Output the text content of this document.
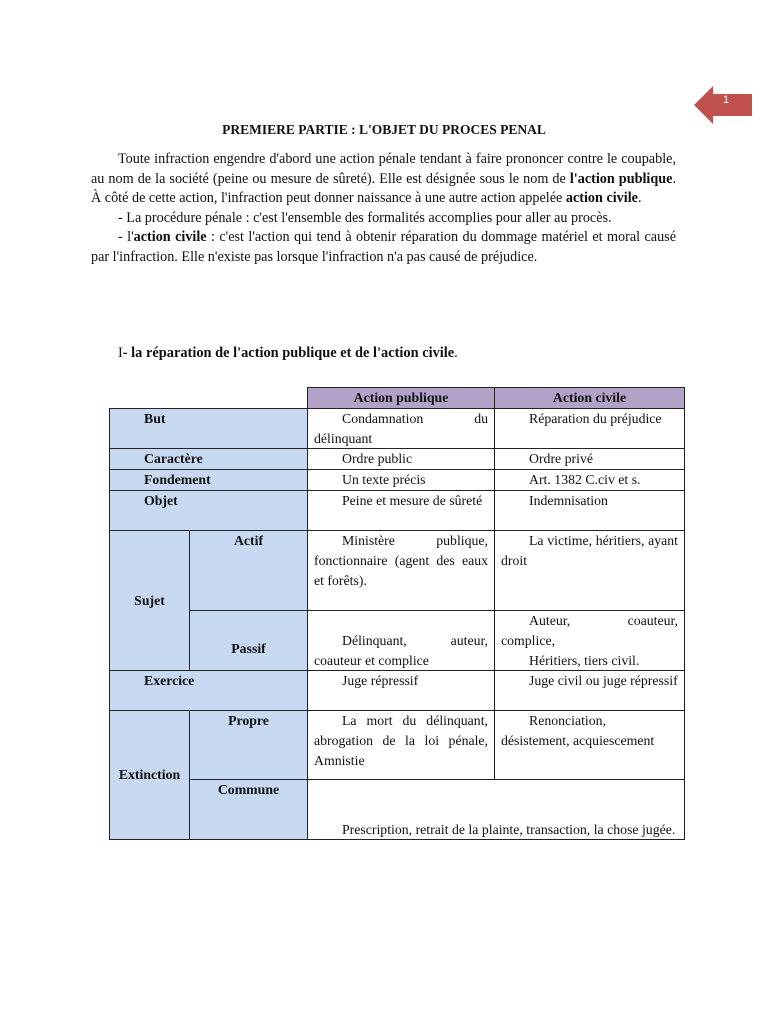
1
PREMIERE PARTIE : L'OBJET DU PROCES PENAL

Toute infraction engendre d'abord une action pénale tendant à faire prononcer contre le coupable, au nom de la société (peine ou mesure de sûreté). Elle est désignée sous le nom de l'action publique. À côté de cette action, l'infraction peut donner naissance à une autre action appelée action civile.

- La procédure pénale : c'est l'ensemble des formalités accomplies pour aller au procès.

- l'action civile : c'est l'action qui tend à obtenir réparation du dommage matériel et moral causé par l'infraction. Elle n'existe pas lorsque l'infraction n'a pas causé de préjudice.

I- la réparation de l'action publique et de l'action civile.
		Action publique	Action civile
But		Condamnation du délinquant	Réparation du préjudice
Caractère		Ordre public	Ordre privé
Fondement		Un texte précis	Art. 1382 C.civ et s.
Objet		Peine et mesure de sûreté	Indemnisation
Sujet	Actif	Ministère publique, fonctionnaire (agent des eaux et forêts).	La victime, héritiers, ayant droit
	Passif	Délinquant, auteur, coauteur et complice	Auteur, coauteur, complice,
Héritiers, tiers civil.

Exercice		Juge répressif	Juge civil ou juge répressif
Extinction	Propre	La mort du délinquant, abrogation de la loi pénale, Amnistie	Renonciation, désistement, acquiescement
	Commune	Prescription, retrait de la plainte, transaction, la chose jugée.	
